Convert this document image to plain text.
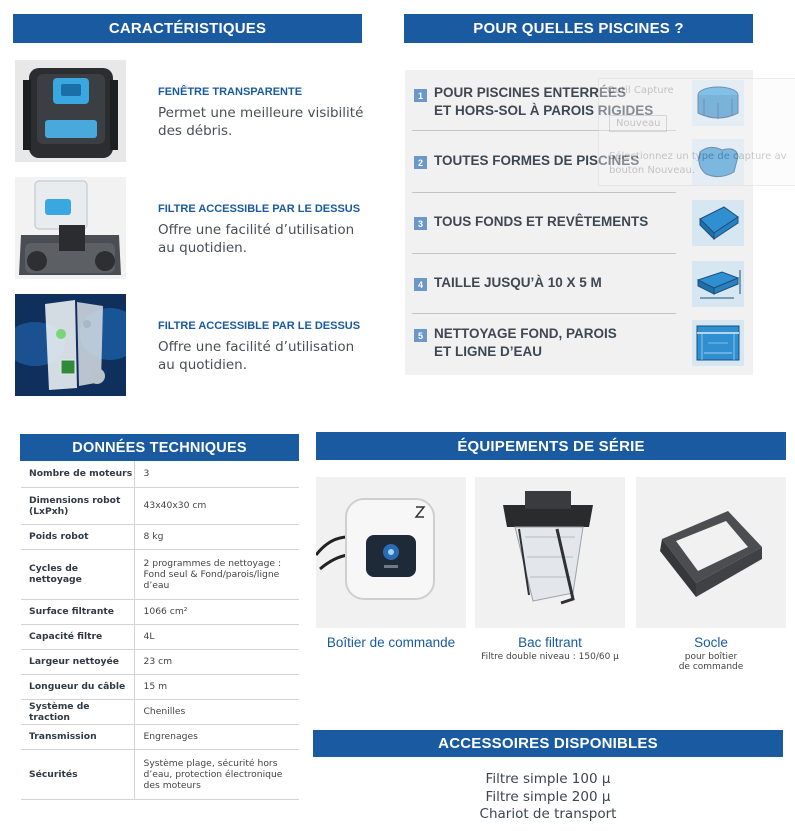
CARACTÉRISTIQUES
FENÊTRE TRANSPARENTE
Permet une meilleure visibilité
des débris.
FILTRE ACCESSIBLE PAR LE DESSUS
Offre une facilité d’utilisation
au quotidien.
FILTRE ACCESSIBLE PAR LE DESSUS
Offre une facilité d’utilisation
au quotidien.
POUR QUELLES PISCINES ?
1 POUR PISCINES ENTERRÉES
ET HORS-SOL À PAROIS RIGIDES
2 TOUTES FORMES DE PISCINES
3 TOUS FONDS ET REVÊTEMENTS
4 TAILLE JUSQU’À 10 X 5 M
5 NETTOYAGE FOND, PAROIS
ET LIGNE D’EAU
Outil Capture
Nouveau
Sélectionnez un type de capture av
bouton Nouveau.
DONNÉES TECHNIQUES
Nombre de moteurs	3
Dimensions robot (LxPxh)	43x40x30 cm
Poids robot	8 kg
Cycles de nettoyage	2 programmes de nettoyage : Fond seul & Fond/parois/ligne d’eau
Surface filtrante	1066 cm²
Capacité filtre	4L
Largeur nettoyée	23 cm
Longueur du câble	15 m
Système de traction	Chenilles
Transmission	Engrenages
Sécurités	Système plage, sécurité hors d’eau, protection électronique des moteurs
ÉQUIPEMENTS DE SÉRIE
Boîtier de commande	Bac filtrant
Filtre double niveau : 150/60 µ
Socle
pour boîtier
de commande
ACCESSOIRES DISPONIBLES
Filtre simple 100 µ
Filtre simple 200 µ
Chariot de transport
